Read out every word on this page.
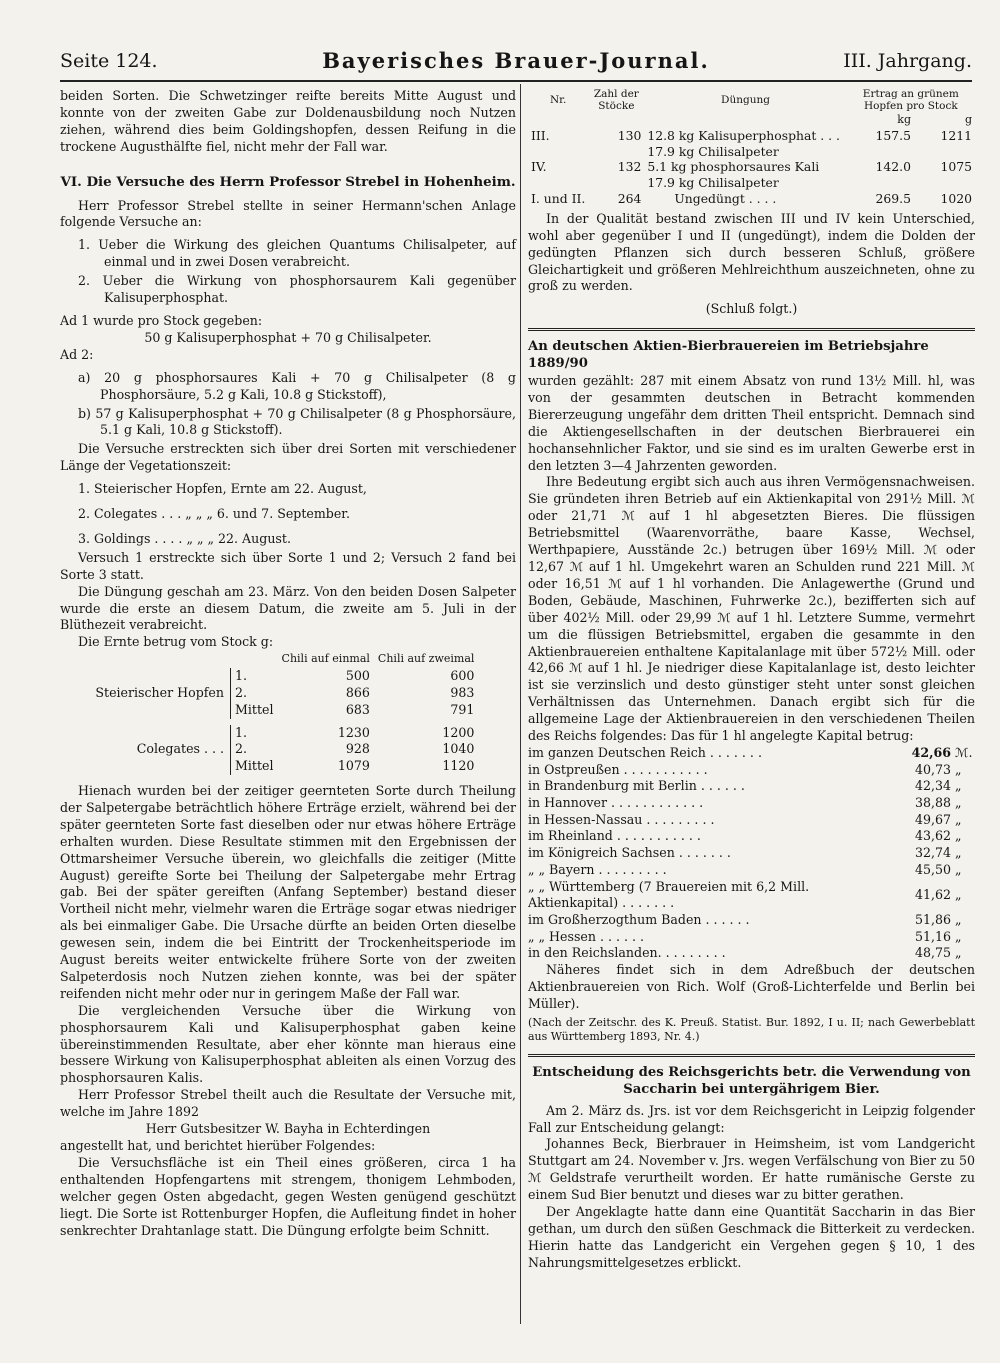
Seite 124.	Bayerisches Brauer-Journal.	III. Jahrgang.

beiden Sorten. Die Schwetzinger reifte bereits Mitte August und konnte von der zweiten Gabe zur Doldenausbildung noch Nutzen ziehen, während dies beim Goldingshopfen, dessen Reifung in die trockene Augusthälfte fiel, nicht mehr der Fall war.

VI. Die Versuche des Herrn Professor Strebel in Hohenheim.

Herr Professor Strebel stellte in seiner Hermann'schen Anlage folgende Versuche an:

1. Ueber die Wirkung des gleichen Quantums Chilisalpeter, auf einmal und in zwei Dosen verabreicht.

2. Ueber die Wirkung von phosphorsaurem Kali gegenüber Kalisuperphosphat.

Ad 1 wurde pro Stock gegeben:

50 g Kalisuperphosphat + 70 g Chilisalpeter.

Ad 2:

a) 20 g phosphorsaures Kali + 70 g Chilisalpeter (8 g Phosphorsäure, 5.2 g Kali, 10.8 g Stickstoff),

b) 57 g Kalisuperphosphat + 70 g Chilisalpeter (8 g Phosphorsäure, 5.1 g Kali, 10.8 g Stickstoff).

Die Versuche erstreckten sich über drei Sorten mit verschiedener Länge der Vegetationszeit:

1. Steierischer Hopfen, Ernte am 22. August,

2. Colegates . . . „ „ „ 6. und 7. September.

3. Goldings . . . . „ „ „ 22. August.

Versuch 1 erstreckte sich über Sorte 1 und 2; Versuch 2 fand bei Sorte 3 statt.

Die Düngung geschah am 23. März. Von den beiden Dosen Salpeter wurde die erste an diesem Datum, die zweite am 5. Juli in der Blüthezeit verabreicht.

Die Ernte betrug vom Stock g:

		Chili auf einmal	Chili auf zweimal
Steierischer Hopfen	1.	500	600
	2.	866	983
	Mittel	683	791

Colegates . . .	1.	1230	1200
	2.	928	1040
	Mittel	1079	1120

Hienach wurden bei der zeitiger geernteten Sorte durch Theilung der Salpetergabe beträchtlich höhere Erträge erzielt, während bei der später geernteten Sorte fast dieselben oder nur etwas höhere Erträge erhalten wurden. Diese Resultate stimmen mit den Ergebnissen der Ottmarsheimer Versuche überein, wo gleichfalls die zeitiger (Mitte August) gereifte Sorte bei Theilung der Salpetergabe mehr Ertrag gab. Bei der später gereiften (Anfang September) bestand dieser Vortheil nicht mehr, vielmehr waren die Erträge sogar etwas niedriger als bei einmaliger Gabe. Die Ursache dürfte an beiden Orten dieselbe gewesen sein, indem die bei Eintritt der Trockenheitsperiode im August bereits weiter entwickelte frühere Sorte von der zweiten Salpeterdosis noch Nutzen ziehen konnte, was bei der später reifenden nicht mehr oder nur in geringem Maße der Fall war.

Die vergleichenden Versuche über die Wirkung von phosphorsaurem Kali und Kalisuperphosphat gaben keine übereinstimmenden Resultate, aber eher könnte man hieraus eine bessere Wirkung von Kalisuperphosphat ableiten als einen Vorzug des phosphorsauren Kalis.

Herr Professor Strebel theilt auch die Resultate der Versuche mit, welche im Jahre 1892

Herr Gutsbesitzer W. Bayha in Echterdingen

angestellt hat, und berichtet hierüber Folgendes:

Die Versuchsfläche ist ein Theil eines größeren, circa 1 ha enthaltenden Hopfengartens mit strengem, thonigem Lehmboden, welcher gegen Osten abgedacht, gegen Westen genügend geschützt liegt. Die Sorte ist Rottenburger Hopfen, die Aufleitung findet in hoher senkrechter Drahtanlage statt. Die Düngung erfolgte beim Schnitt.

Nr.	Zahl der Stöcke	Düngung	Ertrag an grünem Hopfen pro Stock	
			kg	g
III.	130	12.8 kg Kalisuperphosphat . . .	157.5	1211
		17.9 kg Chilisalpeter		
IV.	132	5.1 kg phosphorsaures Kali	142.0	1075
		17.9 kg Chilisalpeter		
I. und II.	264	Ungedüngt . . . .	269.5	1020

In der Qualität bestand zwischen III und IV kein Unterschied, wohl aber gegenüber I und II (ungedüngt), indem die Dolden der gedüngten Pflanzen sich durch besseren Schluß, größere Gleichartigkeit und größeren Mehlreichthum auszeichneten, ohne zu groß zu werden.

(Schluß folgt.)

An deutschen Aktien-Bierbrauereien im Betriebsjahre 1889/90

wurden gezählt: 287 mit einem Absatz von rund 13½ Mill. hl, was von der gesammten deutschen in Betracht kommenden Biererzeugung ungefähr dem dritten Theil entspricht. Demnach sind die Aktiengesellschaften in der deutschen Bierbrauerei ein hochansehnlicher Faktor, und sie sind es im uralten Gewerbe erst in den letzten 3—4 Jahrzenten geworden.

Ihre Bedeutung ergibt sich auch aus ihren Vermögensnachweisen. Sie gründeten ihren Betrieb auf ein Aktienkapital von 291½ Mill. ℳ oder 21,71 ℳ auf 1 hl abgesetzten Bieres. Die flüssigen Betriebsmittel (Waarenvorräthe, baare Kasse, Wechsel, Werthpapiere, Ausstände 2c.) betrugen über 169½ Mill. ℳ oder 12,67 ℳ auf 1 hl. Umgekehrt waren an Schulden rund 221 Mill. ℳ oder 16,51 ℳ auf 1 hl vorhanden. Die Anlagewerthe (Grund und Boden, Gebäude, Maschinen, Fuhrwerke 2c.), bezifferten sich auf über 402½ Mill. oder 29,99 ℳ auf 1 hl. Letztere Summe, vermehrt um die flüssigen Betriebsmittel, ergaben die gesammte in den Aktienbrauereien enthaltene Kapitalanlage mit über 572½ Mill. oder 42,66 ℳ auf 1 hl. Je niedriger diese Kapitalanlage ist, desto leichter ist sie verzinslich und desto günstiger steht unter sonst gleichen Verhältnissen das Unternehmen. Danach ergibt sich für die allgemeine Lage der Aktienbrauereien in den verschiedenen Theilen des Reichs folgendes: Das für 1 hl angelegte Kapital betrug:

im ganzen Deutschen Reich . . . . . . .	42,66	ℳ.
in Ostpreußen . . . . . . . . . . .	40,73	„
in Brandenburg mit Berlin . . . . . .	42,34	„
in Hannover . . . . . . . . . . . .	38,88	„
in Hessen-Nassau . . . . . . . . .	49,67	„
im Rheinland . . . . . . . . . . .	43,62	„
im Königreich Sachsen . . . . . . .	32,74	„
„ „ Bayern . . . . . . . . .	45,50	„
„ „ Württemberg (7 Brauereien mit 6,2 Mill. Aktienkapital) . . . . . . .	41,62	„
im Großherzogthum Baden . . . . . .	51,86	„
„ „ Hessen . . . . . .	51,16	„
in den Reichslanden. . . . . . . . .	48,75	„

Näheres findet sich in dem Adreßbuch der deutschen Aktienbrauereien von Rich. Wolf (Groß-Lichterfelde und Berlin bei Müller).

(Nach der Zeitschr. des K. Preuß. Statist. Bur. 1892, I u. II; nach Gewerbeblatt aus Württemberg 1893, Nr. 4.)

Entscheidung des Reichsgerichts betr. die Verwendung von Saccharin bei untergährigem Bier.

Am 2. März ds. Jrs. ist vor dem Reichsgericht in Leipzig folgender Fall zur Entscheidung gelangt:

Johannes Beck, Bierbrauer in Heimsheim, ist vom Landgericht Stuttgart am 24. November v. Jrs. wegen Verfälschung von Bier zu 50 ℳ Geldstrafe verurtheilt worden. Er hatte rumänische Gerste zu einem Sud Bier benutzt und dieses war zu bitter gerathen.

Der Angeklagte hatte dann eine Quantität Saccharin in das Bier gethan, um durch den süßen Geschmack die Bitterkeit zu verdecken. Hierin hatte das Landgericht ein Vergehen gegen § 10, 1 des Nahrungsmittelgesetzes erblickt.
